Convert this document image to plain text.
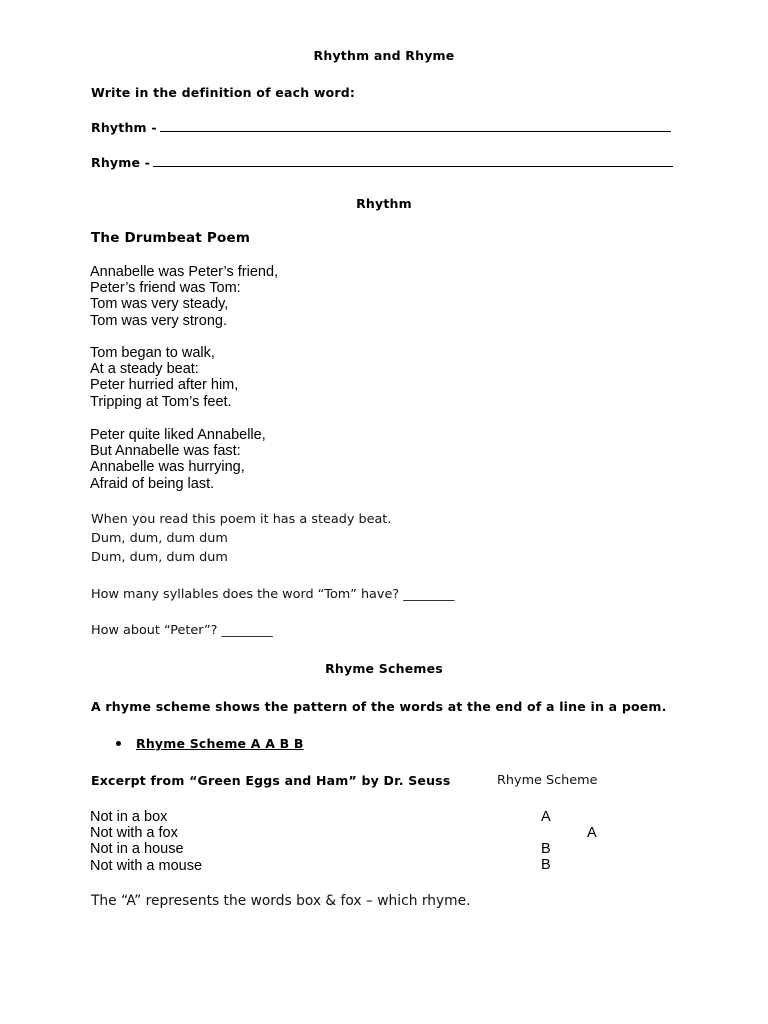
Rhythm and Rhyme

Write in the definition of each word:

Rhythm -

Rhyme -

Rhythm

The Drumbeat Poem

Annabelle was Peter’s friend,
Peter’s friend was Tom:
Tom was very steady,
Tom was very strong.
Tom began to walk,
At a steady beat:
Peter hurried after him,
Tripping at Tom’s feet.
Peter quite liked Annabelle,
But Annabelle was fast:
Annabelle was hurrying,
Afraid of being last.

When you read this poem it has a steady beat.

Dum, dum, dum dum

Dum, dum, dum dum

How many syllables does the word “Tom” have? ________

How about “Peter”? ________

Rhyme Schemes

A rhyme scheme shows the pattern of the words at the end of a line in a poem.

Rhyme Scheme A A B B

Excerpt from “Green Eggs and Ham” by Dr. Seuss	Rhyme Scheme

Not in a box
Not with a fox
Not in a house
Not with a mouse

A

A

B

B

The “A” represents the words box & fox – which rhyme.
